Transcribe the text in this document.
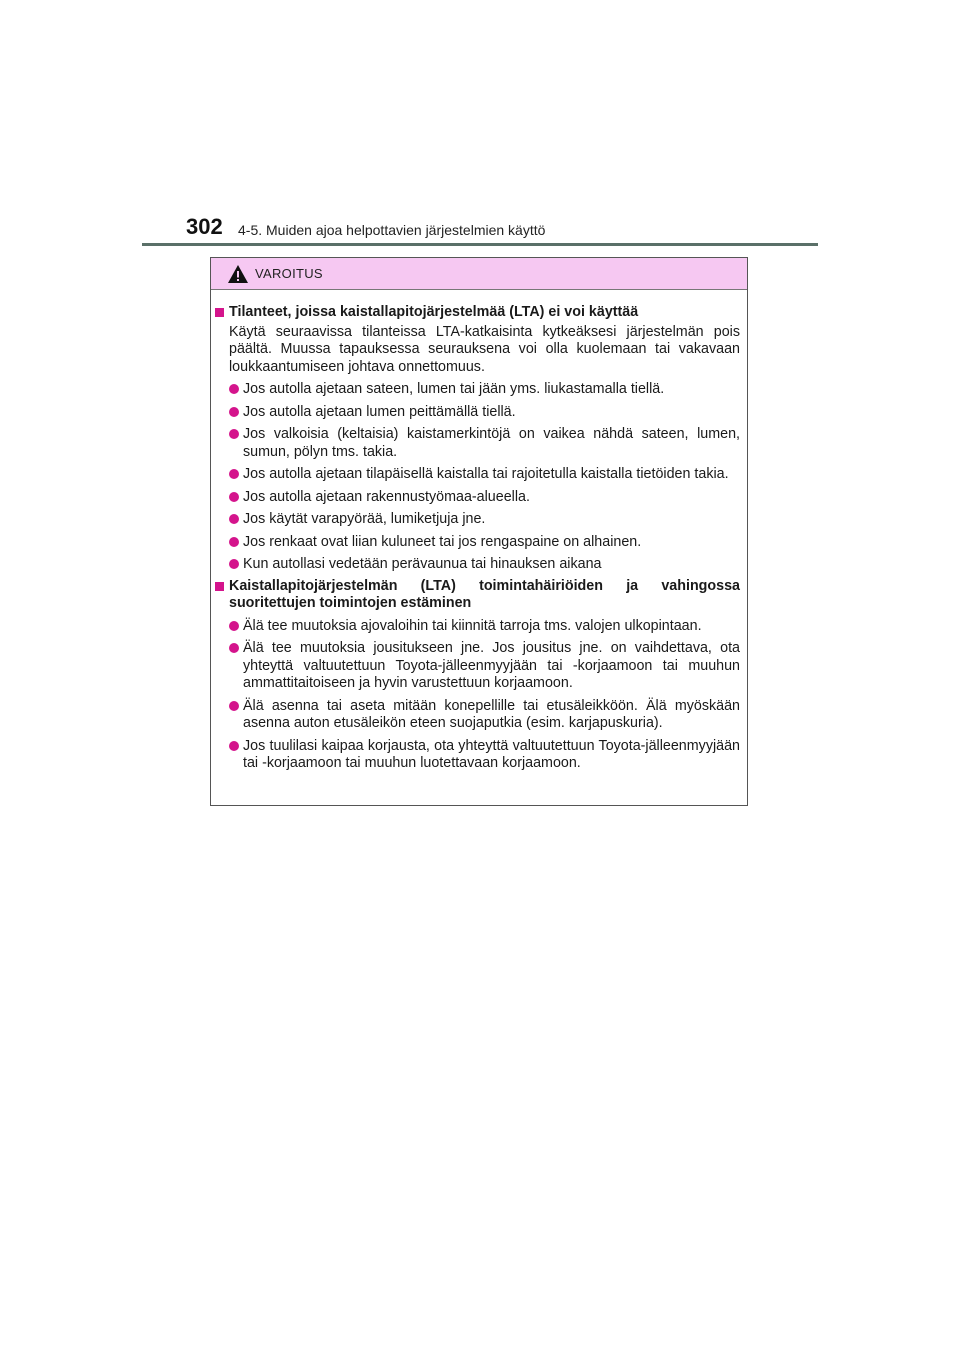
302 4-5. Muiden ajoa helpottavien järjestelmien käyttö
VAROITUS
Tilanteet, joissa kaistallapitojärjestelmää (LTA) ei voi käyttää
Käytä seuraavissa tilanteissa LTA-katkaisinta kytkeäksesi järjestelmän pois päältä. Muussa tapauksessa seurauksena voi olla kuolemaan tai vakavaan loukkaantumiseen johtava onnettomuus.
Jos autolla ajetaan sateen, lumen tai jään yms. liukastamalla tiellä.
Jos autolla ajetaan lumen peittämällä tiellä.
Jos valkoisia (keltaisia) kaistamerkintöjä on vaikea nähdä sateen, lumen, sumun, pölyn tms. takia.
Jos autolla ajetaan tilapäisellä kaistalla tai rajoitetulla kaistalla tietöiden takia.
Jos autolla ajetaan rakennustyömaa-alueella.
Jos käytät varapyörää, lumiketjuja jne.
Jos renkaat ovat liian kuluneet tai jos rengaspaine on alhainen.
Kun autollasi vedetään perävaunua tai hinauksen aikana
Kaistallapitojärjestelmän (LTA) toimintahäiriöiden ja vahingossa suoritettujen toimintojen estäminen
Älä tee muutoksia ajovaloihin tai kiinnitä tarroja tms. valojen ulkopintaan.
Älä tee muutoksia jousitukseen jne. Jos jousitus jne. on vaihdettava, ota yhteyttä valtuutettuun Toyota-jälleenmyyjään tai -korjaamoon tai muuhun ammattitaitoiseen ja hyvin varustettuun korjaamoon.
Älä asenna tai aseta mitään konepellille tai etusäleikköön. Älä myöskään asenna auton etusäleikön eteen suojaputkia (esim. karjapuskuria).
Jos tuulilasi kaipaa korjausta, ota yhteyttä valtuutettuun Toyota-jälleenmyyjään tai -korjaamoon tai muuhun luotettavaan korjaamoon.
